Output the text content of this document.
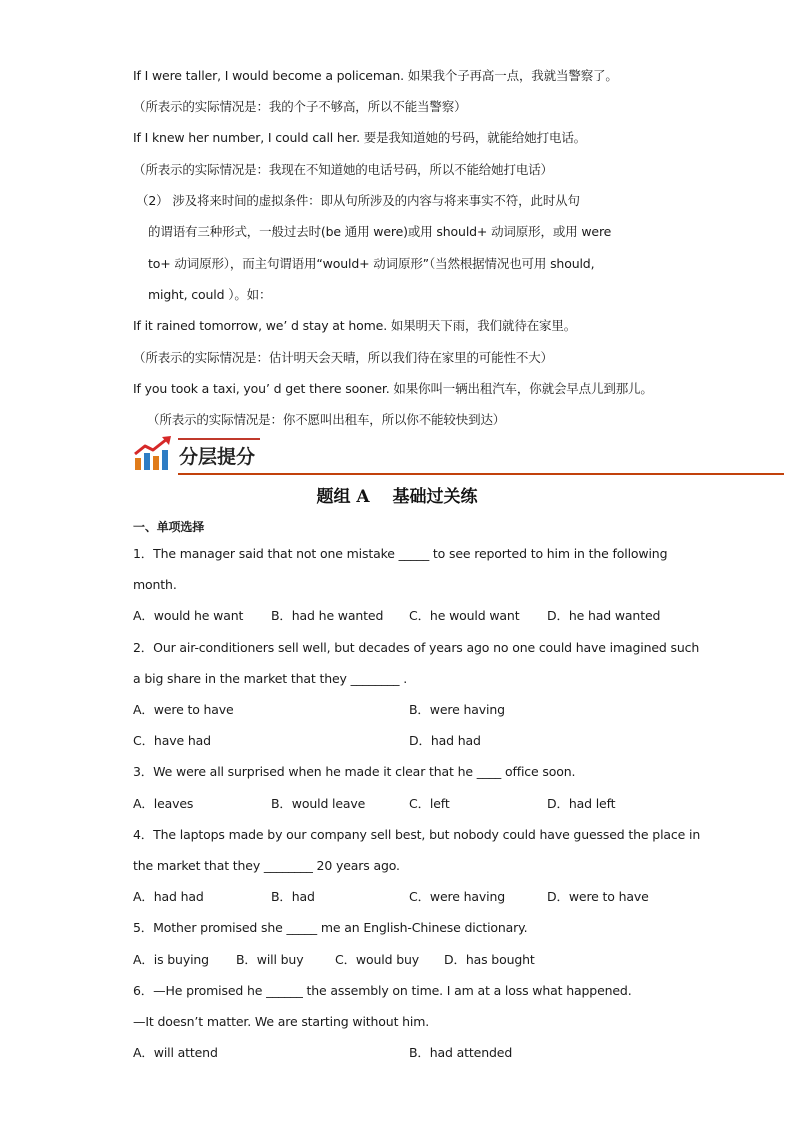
If I were taller, I would become a policeman. 如果我个子再高一点，我就当警察了。
（所表示的实际情况是：我的个子不够高，所以不能当警察）
If I knew her number, I could call her. 要是我知道她的号码，就能给她打电话。
（所表示的实际情况是：我现在不知道她的电话号码，所以不能给她打电话）
（2） 涉及将来时间的虚拟条件：即从句所涉及的内容与将来事实不符，此时从句
的谓语有三种形式，一般过去时(be 通用 were)或用 should+ 动词原形，或用 were
to+ 动词原形），而主句谓语用“would+ 动词原形”（当然根据情况也可用 should,
might, could ）。如：
If it rained tomorrow, we’ d stay at home. 如果明天下雨，我们就待在家里。
（所表示的实际情况是：估计明天会天晴，所以我们待在家里的可能性不大）
If you took a taxi, you’ d get there sooner. 如果你叫一辆出租汽车，你就会早点儿到那儿。
（所表示的实际情况是：你不愿叫出租车，所以你不能较快到达）
分层提分
题组 A　 基础过关练
一、单项选择
1．The manager said that not one mistake _____ to see reported to him in the following
month.
A．would he want B．had he wanted C．he would want D．he had wanted
2．Our air-conditioners sell well, but decades of years ago no one could have imagined such
a big share in the market that they ________ .
A．were to have	B．were having
C．have had	D．had had
3．We were all surprised when he made it clear that he ____ office soon.
A．leaves	B．would leave	C．left	D．had left
4．The laptops made by our company sell best, but nobody could have guessed the place in
the market that they ________ 20 years ago.
A．had had	B．had	C．were having	D．were to have
5．Mother promised she _____ me an English-Chinese dictionary.
A．is buying B．will buy	C．would buy D．has bought
6．—He promised he ______ the assembly on time. I am at a loss what happened.
—It doesn’t matter. We are starting without him.
A．will attend	B．had attended
